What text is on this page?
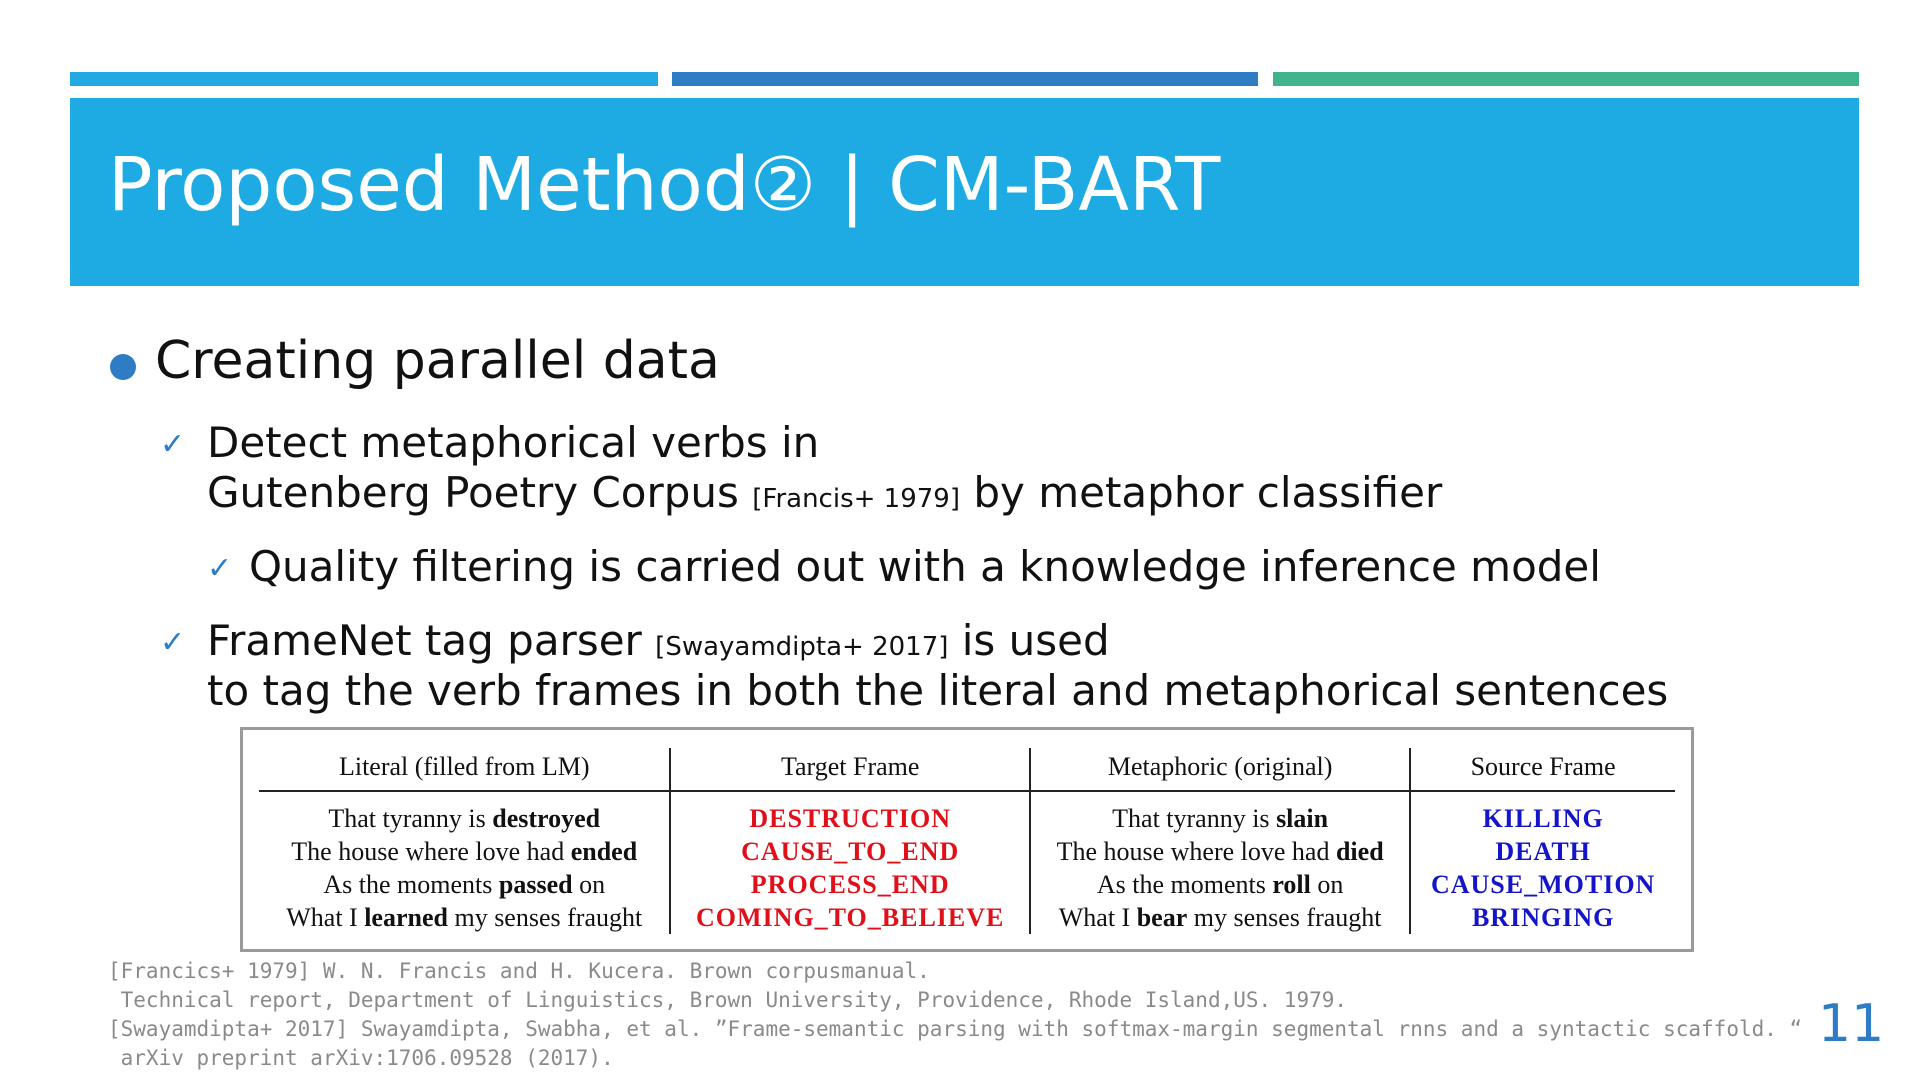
Proposed Method② | CM-BART
Creating parallel data
✓ Detect metaphorical verbs in
Gutenberg Poetry Corpus [Francis+ 1979] by metaphor classifier
✓ Quality filtering is carried out with a knowledge inference model
✓ FrameNet tag parser [Swayamdipta+ 2017] is used
to tag the verb frames in both the literal and metaphorical sentences
Literal (filled from LM)	Target Frame	Metaphoric (original)	Source Frame
That tyranny is destroyed	DESTRUCTION	That tyranny is slain	KILLING
The house where love had ended	CAUSE_TO_END	The house where love had died	DEATH
As the moments passed on	PROCESS_END	As the moments roll on	CAUSE_MOTION
What I learned my senses fraught	COMING_TO_BELIEVE	What I bear my senses fraught	BRINGING
[Francics+ 1979] W. N. Francis and H. Kucera. Brown corpusmanual.
Technical report, Department of Linguistics, Brown University, Providence, Rhode Island,US. 1979.
[Swayamdipta+ 2017] Swayamdipta, Swabha, et al. ”Frame-semantic parsing with softmax-margin segmental rnns and a syntactic scaffold. “
arXiv preprint arXiv:1706.09528 (2017).
11
